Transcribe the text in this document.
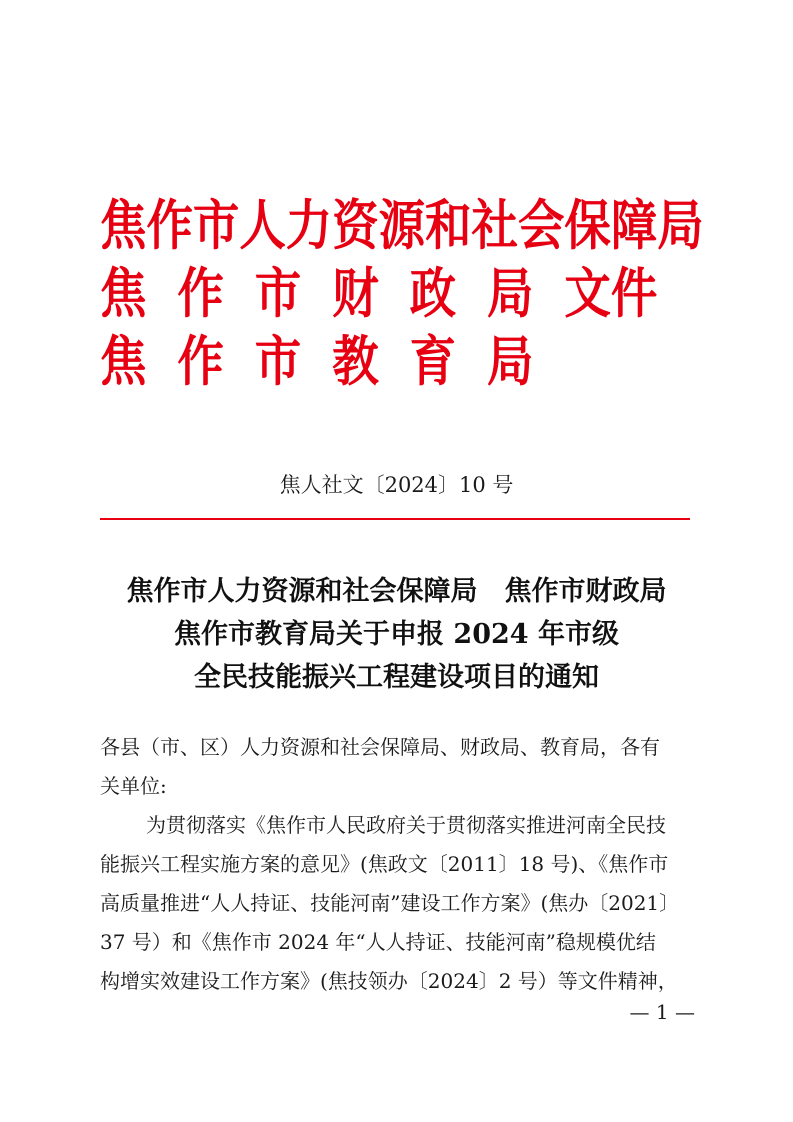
焦作市人力资源和社会保障局
焦作市财政局文件
焦作市教育局
焦人社文〔2024〕10 号
焦作市人力资源和社会保障局　焦作市财政局
焦作市教育局关于申报 2024 年市级
全民技能振兴工程建设项目的通知

各县（市、区）人力资源和社会保障局、财政局、教育局，各有

关单位:

为贯彻落实《焦作市人民政府关于贯彻落实推进河南全民技

能振兴工程实施方案的意见》(焦政文〔2011〕18 号)、《焦作市

高质量推进“人人持证、技能河南”建设工作方案》(焦办〔2021〕

37 号）和《焦作市 2024 年“人人持证、技能河南”稳规模优结

构增实效建设工作方案》(焦技领办〔2024〕2 号）等文件精神，

— 1 —
